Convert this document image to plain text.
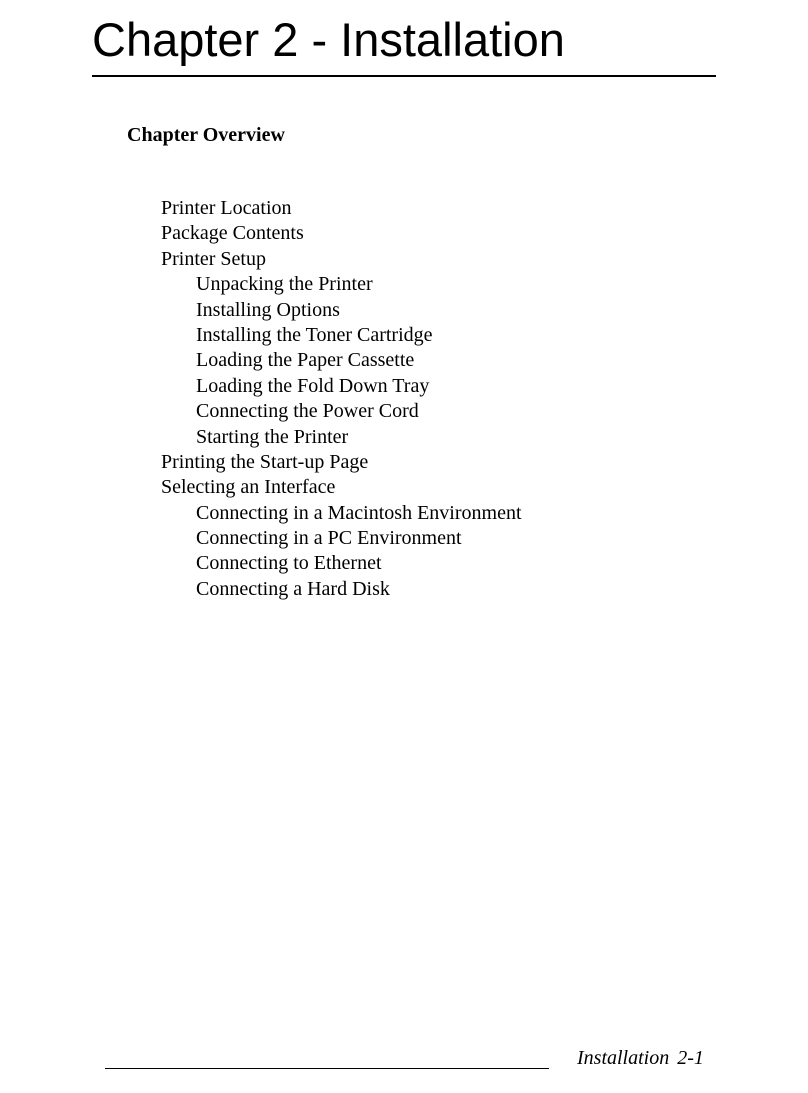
Chapter 2 - Installation
Chapter Overview
Printer Location
Package Contents
Printer Setup
Unpacking the Printer
Installing Options
Installing the Toner Cartridge
Loading the Paper Cassette
Loading the Fold Down Tray
Connecting the Power Cord
Starting the Printer
Printing the Start-up Page
Selecting an Interface
Connecting in a Macintosh Environment
Connecting in a PC Environment
Connecting to Ethernet
Connecting a Hard Disk
Installation 2-1
